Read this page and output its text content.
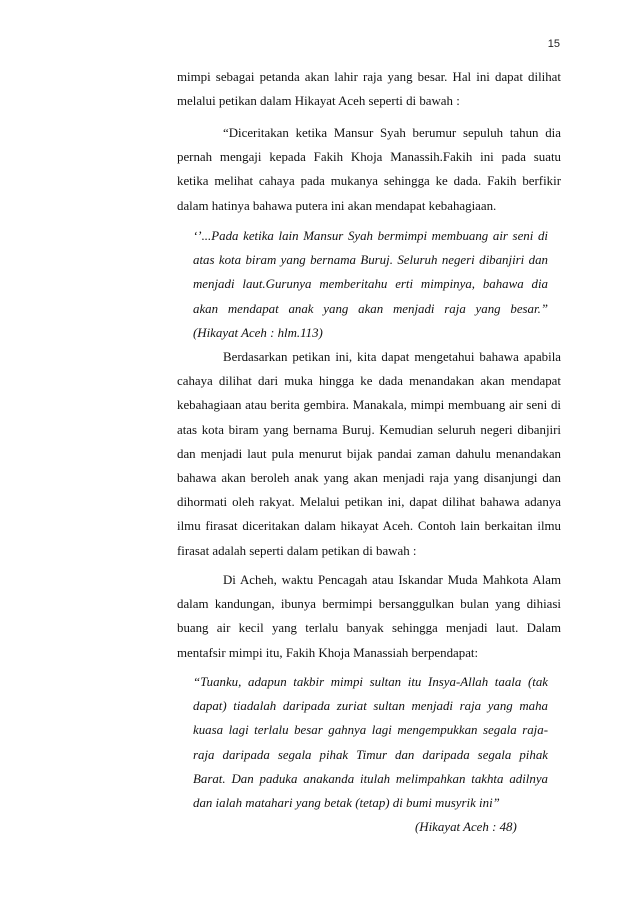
15
mimpi sebagai petanda akan lahir raja yang besar. Hal ini dapat dilihat
melalui petikan dalam Hikayat Aceh seperti di bawah :
“Diceritakan ketika Mansur Syah berumur sepuluh tahun dia
pernah mengaji kepada Fakih Khoja Manassih.Fakih ini pada suatu
ketika melihat cahaya pada mukanya sehingga ke dada. Fakih berfikir
dalam hatinya bahawa putera ini akan mendapat kebahagiaan.
‘’...Pada ketika lain Mansur Syah bermimpi membuang air seni di
atas kota biram yang bernama Buruj. Seluruh negeri dibanjiri dan
menjadi laut.Gurunya memberitahu erti mimpinya, bahawa dia
akan mendapat anak yang akan menjadi raja yang besar.”
(Hikayat Aceh : hlm.113)
Berdasarkan petikan ini, kita dapat mengetahui bahawa apabila
cahaya dilihat dari muka hingga ke dada menandakan akan mendapat
kebahagiaan atau berita gembira. Manakala, mimpi membuang air seni di
atas kota biram yang bernama Buruj. Kemudian seluruh negeri dibanjiri
dan menjadi laut pula menurut bijak pandai zaman dahulu menandakan
bahawa akan beroleh anak yang akan menjadi raja yang disanjungi dan
dihormati oleh rakyat. Melalui petikan ini, dapat dilihat bahawa adanya
ilmu firasat diceritakan dalam hikayat Aceh. Contoh lain berkaitan ilmu
firasat adalah seperti dalam petikan di bawah :
Di Acheh, waktu Pencagah atau Iskandar Muda Mahkota Alam
dalam kandungan, ibunya bermimpi bersanggulkan bulan yang dihiasi
buang air kecil yang terlalu banyak sehingga menjadi laut. Dalam
mentafsir mimpi itu, Fakih Khoja Manassiah berpendapat:
“Tuanku, adapun takbir mimpi sultan itu Insya-Allah taala (tak
dapat) tiadalah daripada zuriat sultan menjadi raja yang maha
kuasa lagi terlalu besar gahnya lagi mengempukkan segala raja-
raja daripada segala pihak Timur dan daripada segala pihak
Barat. Dan paduka anakanda itulah melimpahkan takhta adilnya
dan ialah matahari yang betak (tetap) di bumi musyrik ini”
(Hikayat Aceh : 48)
